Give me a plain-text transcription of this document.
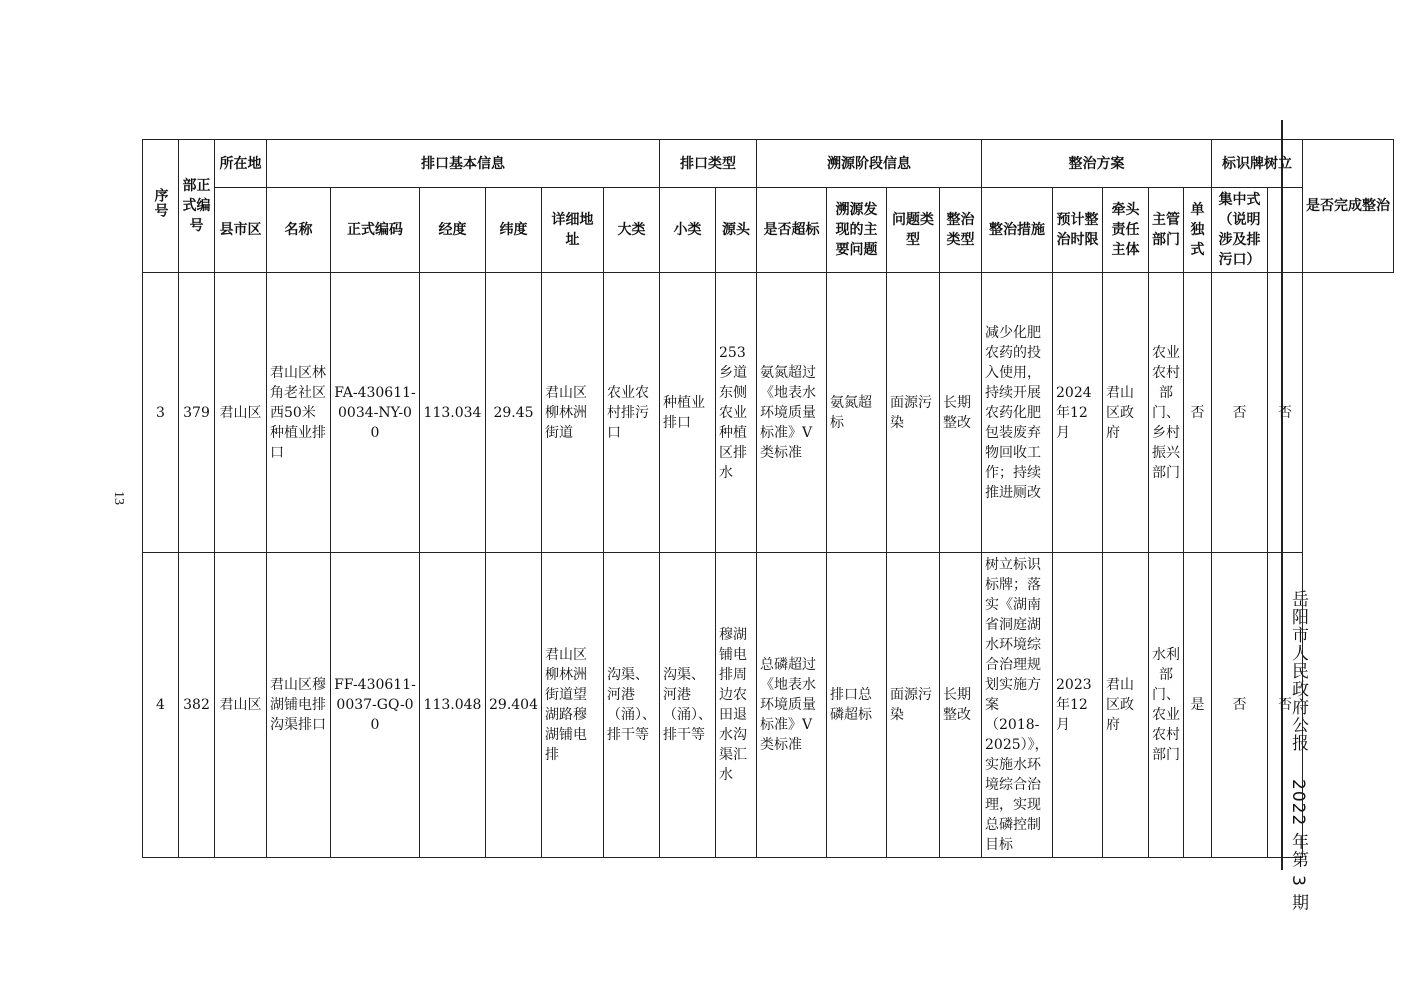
13
岳阳市人民政府公报  2022 年第 3 期
序号	部正式编号	所在地	排口基本信息						排口类型		溯源阶段信息				整治方案					标识牌树立		是否完成整治
		县市区	名称	正式编码	经度	纬度	详细地址	大类	小类	源头	是否超标	溯源发现的主要问题	问题类型	整治类型	整治措施	预计整治时限	牵头责任主体	主管部门	单独式	集中式（说明涉及排污口）		
3	379	君山区	君山区林角老社区西50米种植业排口	FA-430611-0034-NY-00	113.034	29.45	君山区柳林洲街道	农业农村排污口	种植业排口	253乡道东侧农业种植区排水	氨氮超过《地表水环境质量标准》V类标准	氨氮超标	面源污染	长期整改	减少化肥农药的投入使用，持续开展农药化肥包装废弃物回收工作；持续推进厕改	2024年12月	君山区政府	农业农村部门、乡村振兴部门	否	否	否	
4	382	君山区	君山区穆湖铺电排沟渠排口	FF-430611-0037-GQ-00	113.048	29.404	君山区柳林洲街道望湖路穆湖铺电排	沟渠、河港（涌）、排干等	沟渠、河港（涌）、排干等	穆湖铺电排周边农田退水沟渠汇水	总磷超过《地表水环境质量标准》V类标准	排口总磷超标	面源污染	长期整改	树立标识标牌；落实《湖南省洞庭湖水环境综合治理规划实施方案（2018-2025）》，实施水环境综合治理，实现总磷控制目标	2023年12月	君山区政府	水利部门、农业农村部门	是	否	否	
